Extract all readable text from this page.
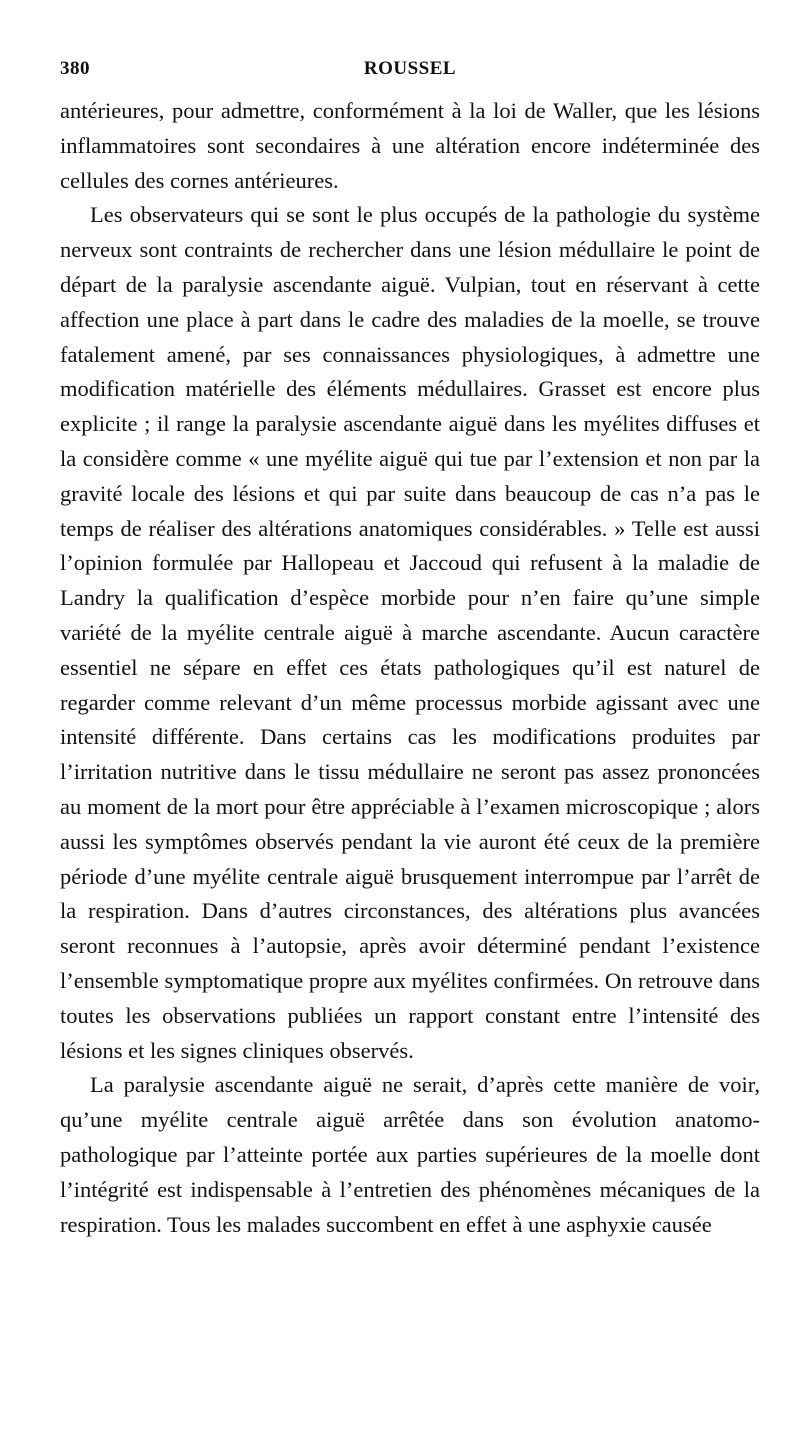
380	ROUSSEL

antérieures, pour admettre, conformément à la loi de Waller, que les lésions inflammatoires sont secondaires à une altération encore indéterminée des cellules des cornes antérieures.

Les observateurs qui se sont le plus occupés de la pathologie du système nerveux sont contraints de rechercher dans une lésion médullaire le point de départ de la paralysie ascendante aiguë. Vulpian, tout en réservant à cette affection une place à part dans le cadre des maladies de la moelle, se trouve fatalement amené, par ses connaissances physiologiques, à admettre une modification matérielle des éléments médullaires. Grasset est encore plus explicite ; il range la paralysie ascendante aiguë dans les myélites diffuses et la considère comme « une myélite aiguë qui tue par l’extension et non par la gravité locale des lésions et qui par suite dans beaucoup de cas n’a pas le temps de réaliser des altérations anatomiques considérables. » Telle est aussi l’opinion formulée par Hallopeau et Jaccoud qui refusent à la maladie de Landry la qualification d’espèce morbide pour n’en faire qu’une simple variété de la myélite centrale aiguë à marche ascendante. Aucun caractère essentiel ne sépare en effet ces états pathologiques qu’il est naturel de regarder comme relevant d’un même processus morbide agissant avec une intensité différente. Dans certains cas les modifications produites par l’irritation nutritive dans le tissu médullaire ne seront pas assez prononcées au moment de la mort pour être appréciable à l’examen microscopique ; alors aussi les symptômes observés pendant la vie auront été ceux de la première période d’une myélite centrale aiguë brusquement interrompue par l’arrêt de la respiration. Dans d’autres circonstances, des altérations plus avancées seront reconnues à l’autopsie, après avoir déterminé pendant l’existence l’ensemble symptomatique propre aux myélites confirmées. On retrouve dans toutes les observations publiées un rapport constant entre l’intensité des lésions et les signes cliniques observés.

La paralysie ascendante aiguë ne serait, d’après cette manière de voir, qu’une myélite centrale aiguë arrêtée dans son évolution anatomo-pathologique par l’atteinte portée aux parties supérieures de la moelle dont l’intégrité est indispensable à l’entretien des phénomènes mécaniques de la respiration. Tous les malades succombent en effet à une asphyxie causée
